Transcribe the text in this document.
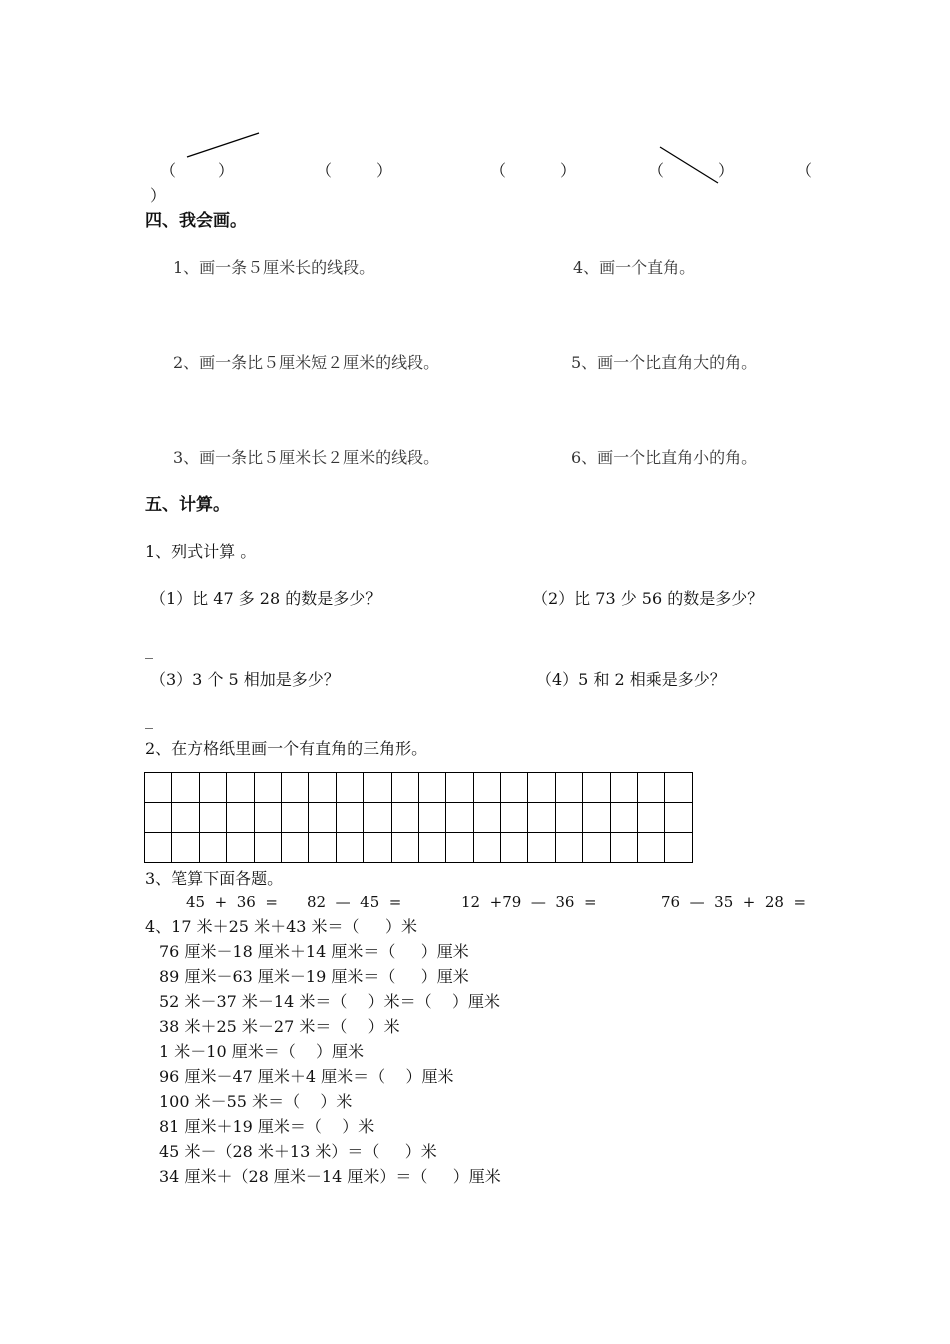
（	）	（	）	（	）	（	）	（
）
四、我会画。
1、画一条５厘米长的线段。	4、画一个直角。
2、画一条比５厘米短２厘米的线段。	5、画一个比直角大的角。
3、画一条比５厘米长２厘米的线段。	6、画一个比直角小的角。
五、计算。
1、列式计算 。
（1）比 47 多 28 的数是多少？	（2）比 73 少 56 的数是多少？
_
（3）3 个 5 相加是多少？	（4）5 和 2 相乘是多少？
_
2、在方格纸里画一个有直角的三角形。

3、笔算下面各题。
45  +  36  = 82  —  45  =	12  +79  —  36  =	76  —  35  +  28  =
4、17 米＋25 米＋43 米＝（     ）米
76 厘米－18 厘米＋14 厘米＝（     ）厘米
89 厘米－63 厘米－19 厘米＝（     ）厘米
52 米－37 米－14 米＝（    ）米＝（    ）厘米
38 米＋25 米－27 米＝（    ）米
1 米－10 厘米＝（    ）厘米
96 厘米－47 厘米＋4 厘米＝（    ）厘米
100 米－55 米＝（    ）米
81 厘米＋19 厘米＝（    ）米
45 米－（28 米＋13 米）＝（     ）米
34 厘米＋（28 厘米－14 厘米）＝（     ）厘米
